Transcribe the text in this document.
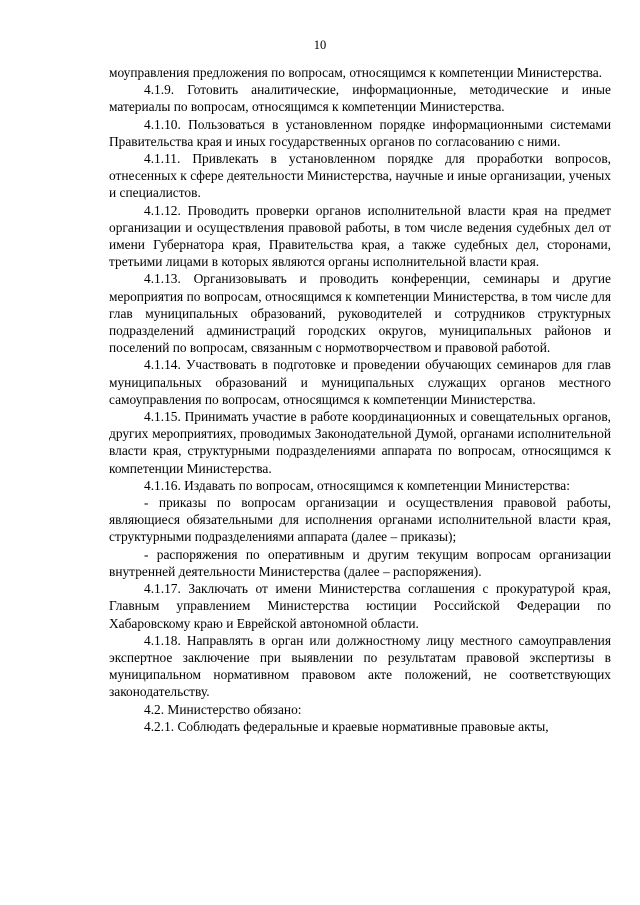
10

моуправления предложения по вопросам, относящимся к компетенции Министерства.

4.1.9. Готовить аналитические, информационные, методические и иные материалы по вопросам, относящимся к компетенции Министерства.

4.1.10. Пользоваться в установленном порядке информационными системами Правительства края и иных государственных органов по согласованию с ними.

4.1.11. Привлекать в установленном порядке для проработки вопросов, отнесенных к сфере деятельности Министерства, научные и иные организации, ученых и специалистов.

4.1.12. Проводить проверки органов исполнительной власти края на предмет организации и осуществления правовой работы, в том числе ведения судебных дел от имени Губернатора края, Правительства края, а также судебных дел, сторонами, третьими лицами в которых являются органы исполнительной власти края.

4.1.13. Организовывать и проводить конференции, семинары и другие мероприятия по вопросам, относящимся к компетенции Министерства, в том числе для глав муниципальных образований, руководителей и сотрудников структурных подразделений администраций городских округов, муниципальных районов и поселений по вопросам, связанным с нормотворчеством и правовой работой.

4.1.14. Участвовать в подготовке и проведении обучающих семинаров для глав муниципальных образований и муниципальных служащих органов местного самоуправления по вопросам, относящимся к компетенции Министерства.

4.1.15. Принимать участие в работе координационных и совещательных органов, других мероприятиях, проводимых Законодательной Думой, органами исполнительной власти края, структурными подразделениями аппарата по вопросам, относящимся к компетенции Министерства.

4.1.16. Издавать по вопросам, относящимся к компетенции Министерства:

- приказы по вопросам организации и осуществления правовой работы, являющиеся обязательными для исполнения органами исполнительной власти края, структурными подразделениями аппарата (далее – приказы);

- распоряжения по оперативным и другим текущим вопросам организации внутренней деятельности Министерства (далее – распоряжения).

4.1.17. Заключать от имени Министерства соглашения с прокуратурой края, Главным управлением Министерства юстиции Российской Федерации по Хабаровскому краю и Еврейской автономной области.

4.1.18. Направлять в орган или должностному лицу местного самоуправления экспертное заключение при выявлении по результатам правовой экспертизы в муниципальном нормативном правовом акте положений, не соответствующих законодательству.

4.2. Министерство обязано:

4.2.1. Соблюдать федеральные и краевые нормативные правовые акты,
